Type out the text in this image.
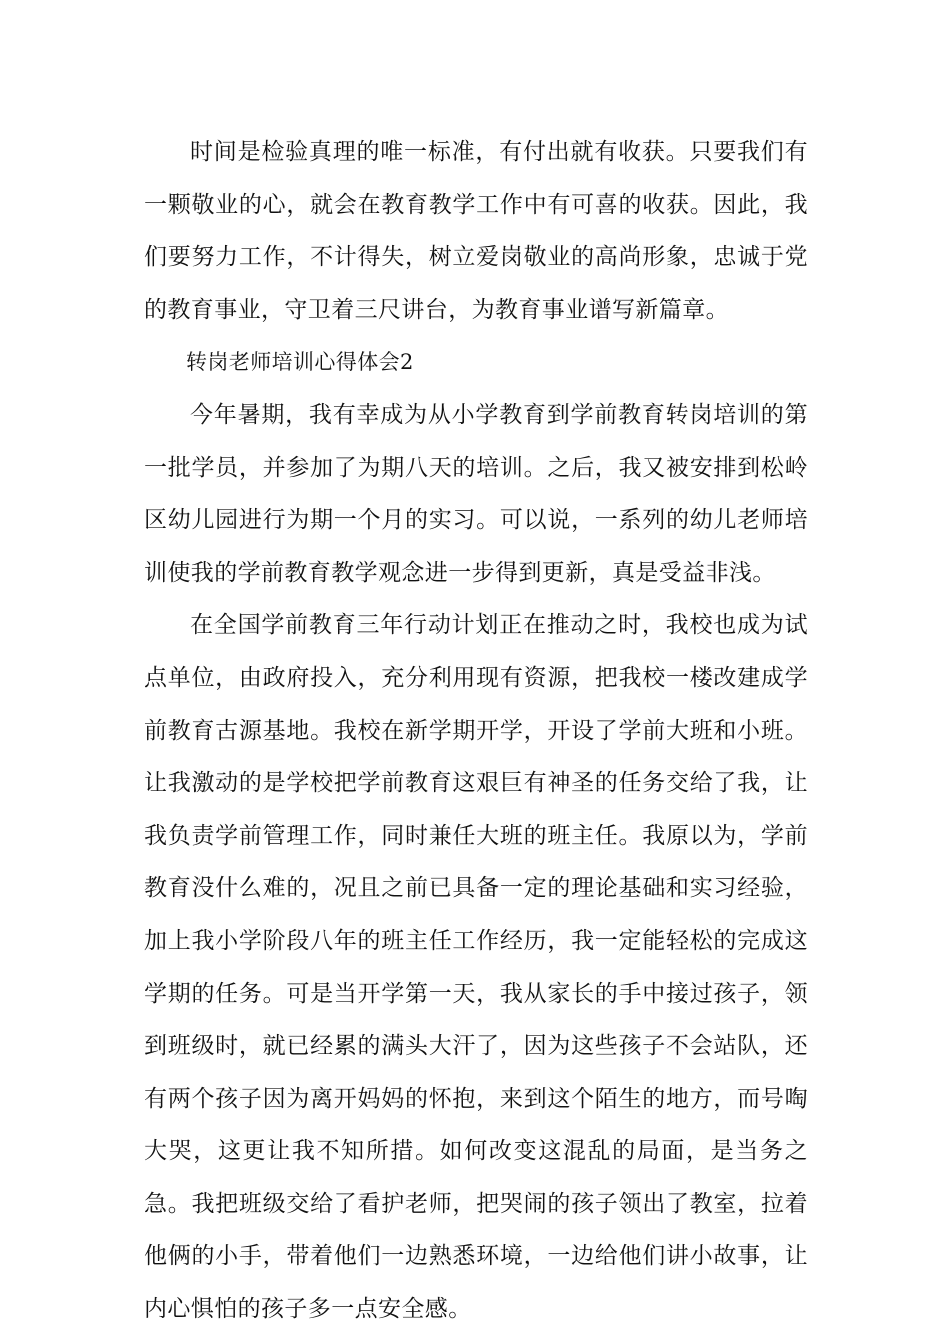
时间是检验真理的唯一标准，有付出就有收获。只要我们有一颗敬业的心，就会在教育教学工作中有可喜的收获。因此，我们要努力工作，不计得失，树立爱岗敬业的高尚形象，忠诚于党的教育事业，守卫着三尺讲台，为教育事业谱写新篇章。

转岗老师培训心得体会2

今年暑期，我有幸成为从小学教育到学前教育转岗培训的第一批学员，并参加了为期八天的培训。之后，我又被安排到松岭区幼儿园进行为期一个月的实习。可以说，一系列的幼儿老师培训使我的学前教育教学观念进一步得到更新，真是受益非浅。

在全国学前教育三年行动计划正在推动之时，我校也成为试点单位，由政府投入，充分利用现有资源，把我校一楼改建成学前教育古源基地。我校在新学期开学，开设了学前大班和小班。让我激动的是学校把学前教育这艰巨有神圣的任务交给了我，让我负责学前管理工作，同时兼任大班的班主任。我原以为，学前教育没什么难的，况且之前已具备一定的理论基础和实习经验，加上我小学阶段八年的班主任工作经历，我一定能轻松的完成这学期的任务。可是当开学第一天，我从家长的手中接过孩子，领到班级时，就已经累的满头大汗了，因为这些孩子不会站队，还有两个孩子因为离开妈妈的怀抱，来到这个陌生的地方，而号啕大哭，这更让我不知所措。如何改变这混乱的局面，是当务之急。我把班级交给了看护老师，把哭闹的孩子领出了教室，拉着他俩的小手，带着他们一边熟悉环境，一边给他们讲小故事，让内心惧怕的孩子多一点安全感。
